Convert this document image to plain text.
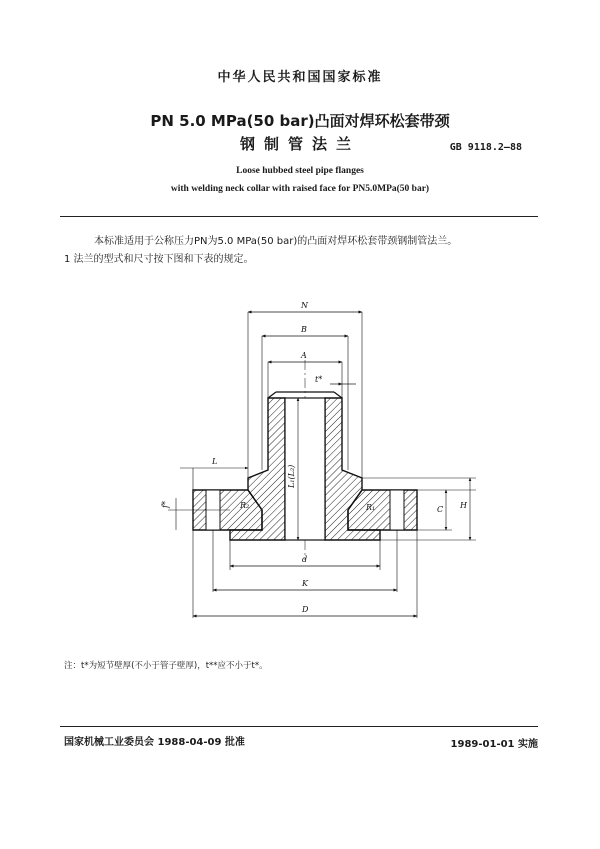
中华人民共和国国家标准
PN 5.0 MPa(50 bar)凸面对焊环松套带颈
钢制管法兰	GB 9118.2—88
Loose hubbed steel pipe flanges
with welding neck collar with raised face for PN5.0MPa(50 bar)
本标准适用于公称压力PN为5.0 MPa(50 bar)的凸面对焊环松套带颈钢制管法兰。
1 法兰的型式和尺寸按下图和下表的规定。
N
B
A
t*
L₁(L₂)
L
f*	R₂	R₁	C H
d
K
D
注：t*为短节壁厚(不小于管子壁厚)，t**应不小于t*。
国家机械工业委员会 1988-04-09 批准	1989-01-01 实施
